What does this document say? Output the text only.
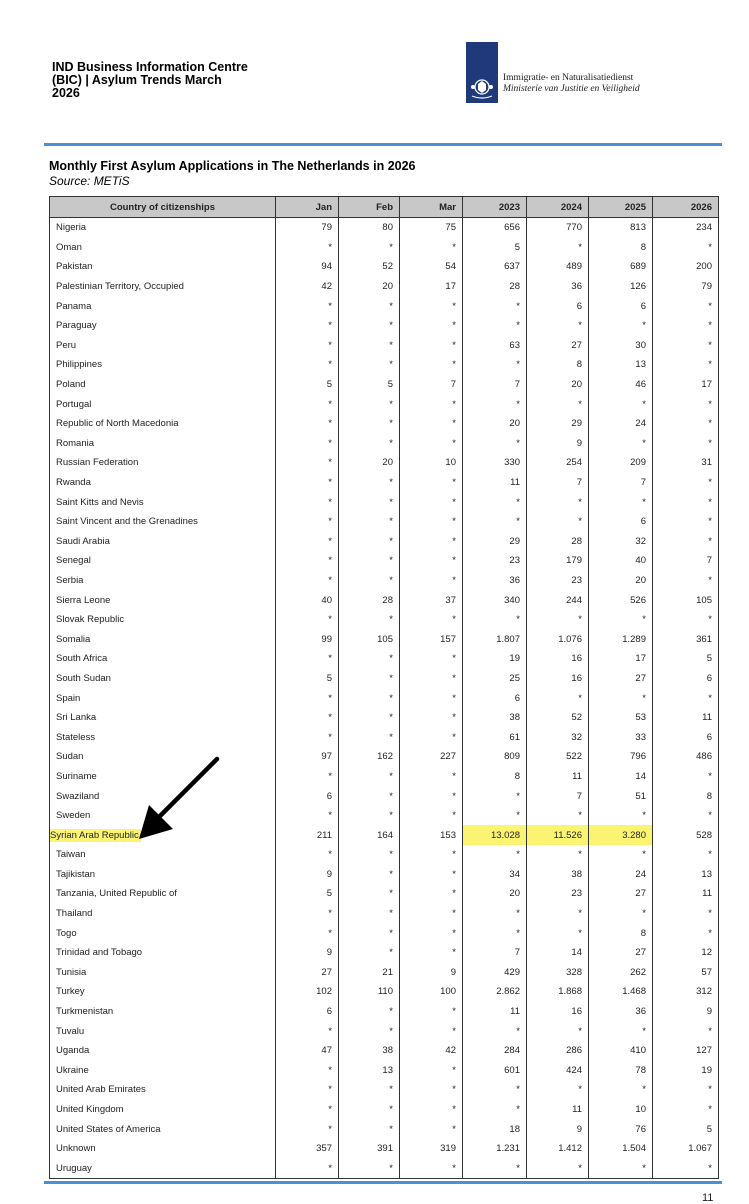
IND Business Information Centre
(BIC) | Asylum Trends March
2026
Immigratie- en Naturalisatiedienst
Ministerie van Justitie en Veiligheid
Monthly First Asylum Applications in The Netherlands in 2026
Source: METiS
Country of citizenships	Jan	Feb	Mar	2023	2024	2025	2026
Nigeria	79	80	75	656	770	813	234
Oman	*	*	*	5	*	8	*
Pakistan	94	52	54	637	489	689	200
Palestinian Territory, Occupied	42	20	17	28	36	126	79
Panama	*	*	*	*	6	6	*
Paraguay	*	*	*	*	*	*	*
Peru	*	*	*	63	27	30	*
Philippines	*	*	*	*	8	13	*
Poland	5	5	7	7	20	46	17
Portugal	*	*	*	*	*	*	*
Republic of North Macedonia	*	*	*	20	29	24	*
Romania	*	*	*	*	9	*	*
Russian Federation	*	20	10	330	254	209	31
Rwanda	*	*	*	11	7	7	*
Saint Kitts and Nevis	*	*	*	*	*	*	*
Saint Vincent and the Grenadines	*	*	*	*	*	6	*
Saudi Arabia	*	*	*	29	28	32	*
Senegal	*	*	*	23	179	40	7
Serbia	*	*	*	36	23	20	*
Sierra Leone	40	28	37	340	244	526	105
Slovak Republic	*	*	*	*	*	*	*
Somalia	99	105	157	1.807	1.076	1.289	361
South Africa	*	*	*	19	16	17	5
South Sudan	5	*	*	25	16	27	6
Spain	*	*	*	6	*	*	*
Sri Lanka	*	*	*	38	52	53	11
Stateless	*	*	*	61	32	33	6
Sudan	97	162	227	809	522	796	486
Suriname	*	*	*	8	11	14	*
Swaziland	6	*	*	*	7	51	8
Sweden	*	*	*	*	*	*	*
Syrian Arab Republic	211	164	153	13.028	11.526	3.280	528
Taiwan	*	*	*	*	*	*	*
Tajikistan	9	*	*	34	38	24	13
Tanzania, United Republic of	5	*	*	20	23	27	11
Thailand	*	*	*	*	*	*	*
Togo	*	*	*	*	*	8	*
Trinidad and Tobago	9	*	*	7	14	27	12
Tunisia	27	21	9	429	328	262	57
Turkey	102	110	100	2.862	1.868	1.468	312
Turkmenistan	6	*	*	11	16	36	9
Tuvalu	*	*	*	*	*	*	*
Uganda	47	38	42	284	286	410	127
Ukraine	*	13	*	601	424	78	19
United Arab Emirates	*	*	*	*	*	*	*
United Kingdom	*	*	*	*	11	10	*
United States of America	*	*	*	18	9	76	5
Unknown	357	391	319	1.231	1.412	1.504	1.067
Uruguay	*	*	*	*	*	*	*
11
